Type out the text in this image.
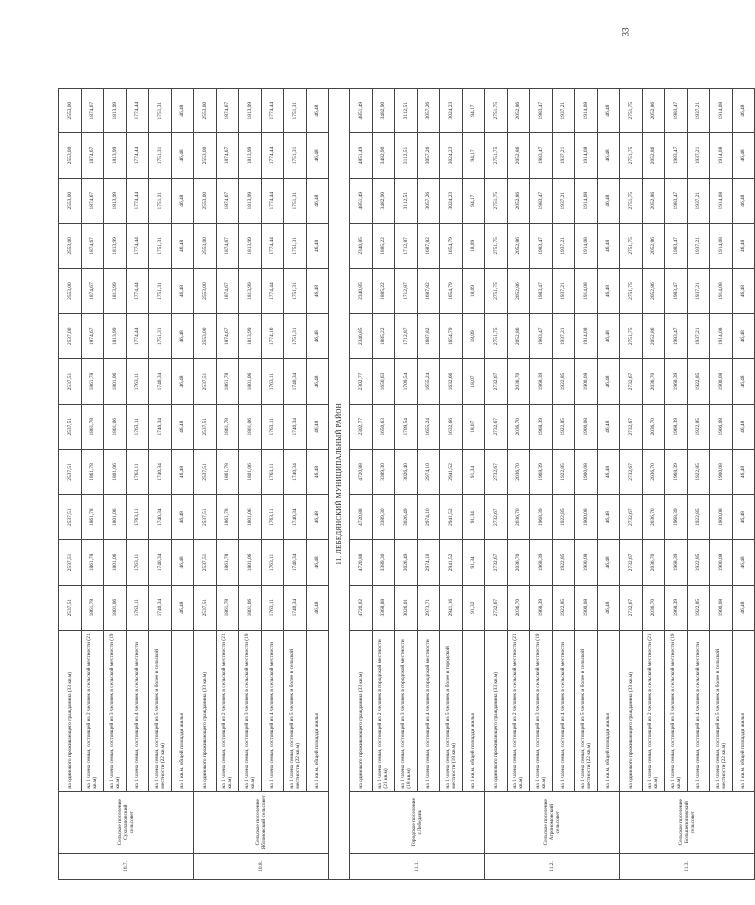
33
10.7.	Сельское поселение Сухолаповский сельсовет	на одинокого проживающего гражданина (33 кв.м)	2537,51	2537,51	2537,51	2537,51	2537,51	2537,51	2537,00	2553,00	2553,00	2553,00	2553,00	2553,00
		на 1 члена семьи, состоящей из 2 человек в сельской местности (21 кв.м)	1861,78	1861,78	1861,78	1861,78	1861,78	1861,78	1874,67	1874,67	1874,67	1874,67	1874,67	1874,67
		на 1 члена семьи, состоящей из 3 человек в сельской местности (19 кв.м)	1801,06	1801,06	1801,06	1801,06	1801,06	1801,06	1813,99	1813,99	1813,99	1813,99	1813,99	1813,99
		на 1 члена семьи, состоящей из 4 человек в сельской местности	1763,11	1763,11	1763,11	1763,11	1763,11	1763,11	1774,44	1774,44	1774,44	1774,44	1774,44	1774,44
		на 1 члена семьи, состоящей из 5 человек и более в сельской местности (22 кв.м)	1740,34	1740,34	1740,34	1740,34	1740,34	1740,34	1751,31	1751,31	1751,31	1751,31	1751,31	1751,31
		на 1 кв.м. общей площади жилья	46,48	46,48	46,48	46,48	46,48	46,48	46,48	46,48	46,48	46,48	46,48	46,48
10.8.	Сельское поселение Яблоновский сельсовет	на одинокого проживающего гражданина (33 кв.м)	2537,51	2537,51	2537,51	2537,51	2537,51	2537,51	2553,00	2553,00	2553,00	2553,00	2553,00	2553,00
		на 1 члена семьи, состоящей из 2 человек в сельской местности (21 кв.м)	1861,78	1861,78	1861,78	1861,78	1861,78	1861,78	1874,67	1874,67	1874,67	1874,67	1874,67	1874,67
		на 1 члена семьи, состоящей из 3 человек в сельской местности (19 кв.м)	1801,06	1801,06	1801,06	1801,06	1801,06	1801,06	1813,99	1813,99	1813,99	1813,99	1813,99	1813,99
		на 1 члена семьи, состоящей из 4 человек в сельской местности	1763,11	1763,11	1763,11	1763,11	1763,11	1763,11	1774,16	1774,44	1774,44	1774,44	1774,44	1774,44
		на 1 члена семьи, состоящей из 5 человек и более в сельской местности (22 кв.м)	1740,34	1740,34	1740,34	1740,34	1740,34	1740,34	1751,31	1751,31	1751,31	1751,31	1751,31	1751,31
		на 1 кв.м. общей площади жилья	46,48	46,48	46,48	46,48	46,48	46,48	46,48	46,48	46,48	46,48	46,48	46,48
11. ЛЕБЕДЯНСКИЙ МУНИЦИПАЛЬНЫЙ РАЙОН														
11.1.	Городское поселение г.Лебедянь	на одинокого проживающего гражданина (33 кв.м)	4720,02	4720,88	4720,88	4720,88	2302,77	2302,77	2340,85	2340,85	2340,85	4851,49	4851,49	4851,49
		на 1 члена семьи, состоящей из 2 человек в городской местности (21 кв.м)	3368,88	3389,30	3389,30	3389,30	1650,63	1650,63	1885,22	1885,22	1885,22	3482,90	3482,90	3482,90
		на 1 члена семьи, состоящей из 3 человек в городской местности (18 кв.м)	3026,01	3026,49	3026,49	3026,40	1709,54	1709,54	1712,87	1712,87	1712,87	3112,51	3112,51	3112,51
		на 1 члена семьи, состоящей из 4 человек в городской местности	2973,71	2974,10	2974,10	2974,10	1655,24	1655,24	1687,82	1687,82	1687,82	3057,26	3057,26	3057,26
		на 1 члена семьи, состоящей из 5 человек и более в городской местности (18 кв.м)	2941,16	2941,52	2941,52	2941,52	1632,66	1632,66	1654,79	1654,79	1654,79	3024,23	3024,23	3024,23
		на 1 кв.м. общей площади жилья	91,32	91,34	91,34	91,34	18,07	18,07	18,09	18,09	18,09	94,17	94,17	94,17
11.2.	Сельское поселение Агрономовский сельсовет	на одинокого проживающего гражданина (33 кв.м)	2732,67	2732,67	2732,67	2732,67	2732,67	2732,67	2751,75	2751,75	2751,75	2751,75	2751,75	2751,75
		на 1 члена семьи, состоящей из 2 человек в сельской местности (21 кв.м)	2036,70	2036,70	2036,70	2036,70	2036,70	2036,70	2052,86	2052,86	2052,86	2052,86	2052,86	2052,86
		на 1 члена семьи, состоящей из 3 человек в сельской местности (19 кв.м)	1968,39	1968,39	1968,39	1968,39	1968,39	1968,39	1983,47	1983,47	1983,47	1983,47	1983,47	1983,47
		на 1 члена семьи, состоящей из 4 человек в сельской местности	1922,85	1922,85	1922,85	1922,85	1922,85	1922,85	1937,21	1937,21	1937,21	1937,21	1937,21	1937,21
		на 1 члена семьи, состоящей из 5 человек и более в сельской местности (22 кв.м)	1900,08	1900,08	1900,08	1900,08	1900,08	1900,08	1914,08	1914,08	1914,08	1914,08	1914,08	1914,08
		на 1 кв.м. общей площади жилья	46,48	46,48	46,48	46,48	46,48	46,48	46,48	46,48	46,48	46,48	46,48	46,48
11.3.	Сельское поселение Большепоповский сельсовет	на одинокого проживающего гражданина (33 кв.м)	2732,67	2732,67	2732,67	2732,67	2732,67	2732,67	2751,75	2751,75	2751,75	2751,75	2751,75	2751,75
		на 1 члена семьи, состоящей из 2 человек в сельской местности (21 кв.м)	2036,70	2036,70	2036,70	2036,70	2036,70	2036,70	2052,86	2052,86	2052,86	2052,86	2052,86	2052,86
		на 1 члена семьи, состоящей из 3 человек в сельской местности (19 кв.м)	1968,39	1968,39	1968,39	1968,39	1968,39	1968,39	1983,47	1983,47	1983,47	1983,47	1983,47	1983,47
		на 1 члена семьи, состоящей из 4 человек в сельской местности	1922,85	1922,85	1922,85	1922,85	1922,85	1922,85	1937,21	1937,21	1937,21	1937,21	1937,21	1937,21
		на 1 члена семьи, состоящей из 5 человек и более в сельской местности (22 кв.м)	1900,08	1900,08	1900,08	1900,08	1900,08	1900,08	1914,08	1914,08	1914,08	1914,08	1914,08	1914,08
		на 1 кв.м. общей площади жилья	46,48	46,48	46,48	46,48	46,48	46,48	46,48	46,48	46,48	46,48	46,48	46,48
